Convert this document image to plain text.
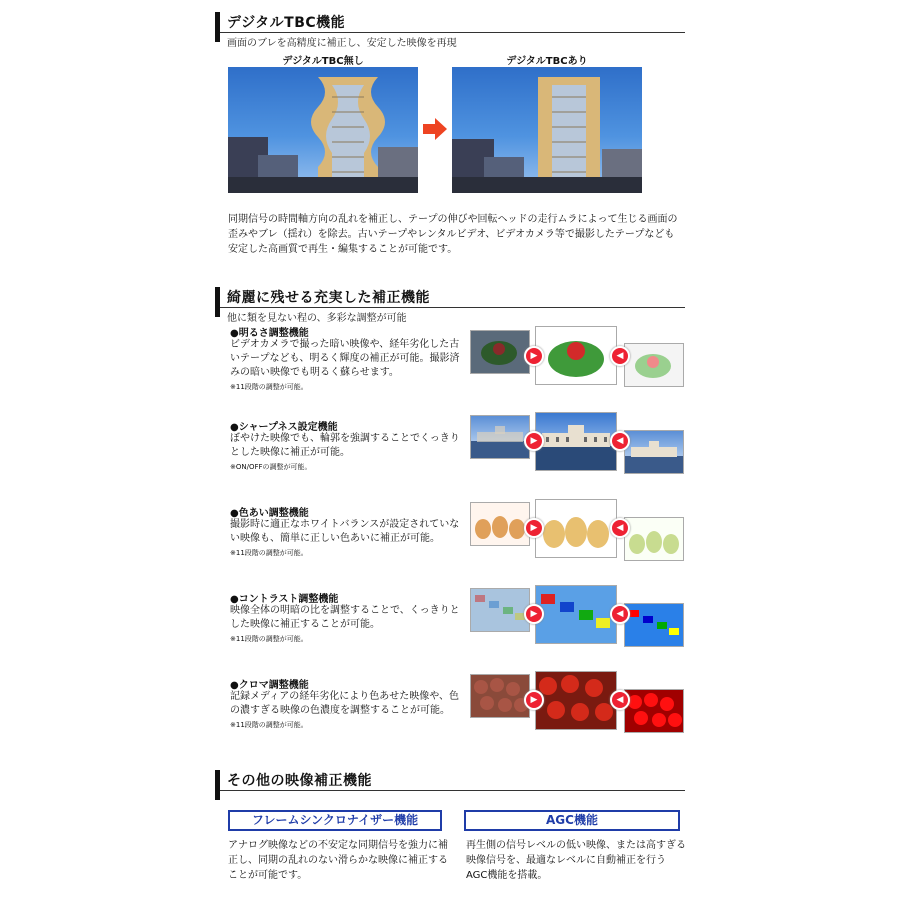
デジタルTBC機能
画面のブレを高精度に補正し、安定した映像を再現
デジタルTBC無し	デジタルTBCあり
同期信号の時間軸方向の乱れを補正し、テープの伸びや回転ヘッドの走行ムラによって生じる画面の歪みやブレ（揺れ）を除去。古いテープやレンタルビデオ、ビデオカメラ等で撮影したテープなども安定した高画質で再生・編集することが可能です。
綺麗に残せる充実した補正機能
他に類を見ない程の、多彩な調整が可能
●明るさ調整機能
ビデオカメラで撮った暗い映像や、経年劣化した古いテープなども、明るく輝度の補正が可能。撮影済みの暗い映像でも明るく蘇らせます。
※11段階の調整が可能。
▶	◀
●シャープネス設定機能
ぼやけた映像でも、輪郭を強調することでくっきりとした映像に補正が可能。
※ON/OFFの調整が可能。
▶	◀
●色あい調整機能
撮影時に適正なホワイトバランスが設定されていない映像も、簡単に正しい色あいに補正が可能。
※11段階の調整が可能。
▶	◀
●コントラスト調整機能
映像全体の明暗の比を調整することで、くっきりとした映像に補正することが可能。
※11段階の調整が可能。
▶	◀
●クロマ調整機能
記録メディアの経年劣化により色あせた映像や、色の濃すぎる映像の色濃度を調整することが可能。
※11段階の調整が可能。
▶	◀
その他の映像補正機能
フレームシンクロナイザー機能
アナログ映像などの不安定な同期信号を強力に補正し、同期の乱れのない滑らかな映像に補正することが可能です。
AGC機能
再生側の信号レベルの低い映像、または高すぎる映像信号を、最適なレベルに自動補正を行うAGC機能を搭載。
